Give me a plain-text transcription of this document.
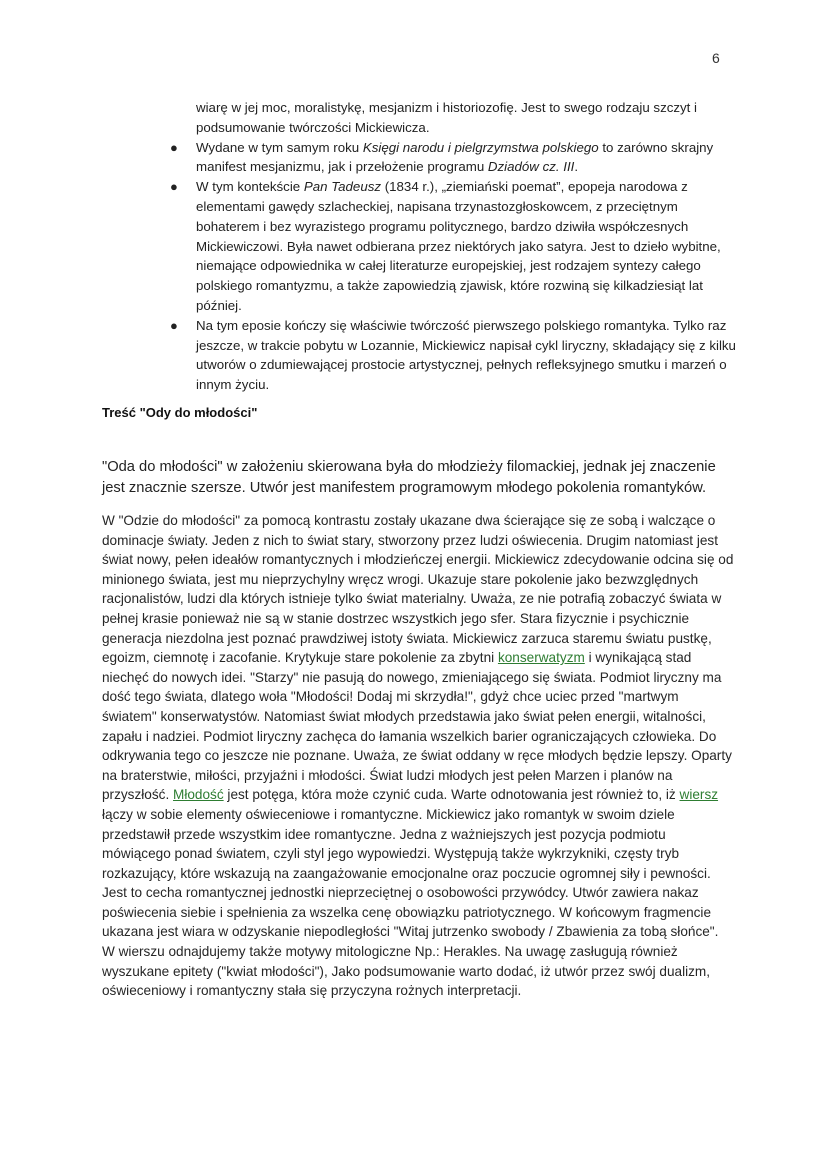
6
wiarę w jej moc, moralistykę, mesjanizm i historiozofię. Jest to swego rodzaju szczyt i podsumowanie twórczości Mickiewicza.
● Wydane w tym samym roku Księgi narodu i pielgrzymstwa polskiego to zarówno skrajny manifest mesjanizmu, jak i przełożenie programu Dziadów cz. III.
● W tym kontekście Pan Tadeusz (1834 r.), „ziemiański poemat”, epopeja narodowa z elementami gawędy szlacheckiej, napisana trzynastozgłoskowcem, z przeciętnym bohaterem i bez wyrazistego programu politycznego, bardzo dziwiła współczesnych Mickiewiczowi. Była nawet odbierana przez niektórych jako satyra. Jest to dzieło wybitne, niemające odpowiednika w całej literaturze europejskiej, jest rodzajem syntezy całego polskiego romantyzmu, a także zapowiedzią zjawisk, które rozwiną się kilkadziesiąt lat później.
● Na tym eposie kończy się właściwie twórczość pierwszego polskiego romantyka. Tylko raz jeszcze, w trakcie pobytu w Lozannie, Mickiewicz napisał cykl liryczny, składający się z kilku utworów o zdumiewającej prostocie artystycznej, pełnych refleksyjnego smutku i marzeń o innym życiu.
Treść "Ody do młodości"

"Oda do młodości" w założeniu skierowana była do młodzieży filomackiej, jednak jej znaczenie jest znacznie szersze. Utwór jest manifestem programowym młodego pokolenia romantyków.

W "Odzie do młodości" za pomocą kontrastu zostały ukazane dwa ścierające się ze sobą i walczące o dominacje światy. Jeden z nich to świat stary, stworzony przez ludzi oświecenia. Drugim natomiast jest świat nowy, pełen ideałów romantycznych i młodzieńczej energii. Mickiewicz zdecydowanie odcina się od minionego świata, jest mu nieprzychylny wręcz wrogi. Ukazuje stare pokolenie jako bezwzględnych racjonalistów, ludzi dla których istnieje tylko świat materialny. Uważa, ze nie potrafią zobaczyć świata w pełnej krasie ponieważ nie są w stanie dostrzec wszystkich jego sfer. Stara fizycznie i psychicznie generacja niezdolna jest poznać prawdziwej istoty świata. Mickiewicz zarzuca staremu światu pustkę, egoizm, ciemnotę i zacofanie. Krytykuje stare pokolenie za zbytni konserwatyzm i wynikającą stad niechęć do nowych idei. "Starzy" nie pasują do nowego, zmieniającego się świata. Podmiot liryczny ma dość tego świata, dlatego woła "Młodości! Dodaj mi skrzydła!", gdyż chce uciec przed "martwym światem" konserwatystów. Natomiast świat młodych przedstawia jako świat pełen energii, witalności, zapału i nadziei. Podmiot liryczny zachęca do łamania wszelkich barier ograniczających człowieka. Do odkrywania tego co jeszcze nie poznane. Uważa, ze świat oddany w ręce młodych będzie lepszy. Oparty na braterstwie, miłości, przyjaźni i młodości. Świat ludzi młodych jest pełen Marzen i planów na przyszłość. Młodość jest potęga, która może czynić cuda. Warte odnotowania jest również to, iż wiersz łączy w sobie elementy oświeceniowe i romantyczne. Mickiewicz jako romantyk w swoim dziele przedstawił przede wszystkim idee romantyczne. Jedna z ważniejszych jest pozycja podmiotu mówiącego ponad światem, czyli styl jego wypowiedzi. Występują także wykrzykniki, częsty tryb rozkazujący, które wskazują na zaangażowanie emocjonalne oraz poczucie ogromnej siły i pewności. Jest to cecha romantycznej jednostki nieprzeciętnej o osobowości przywódcy. Utwór zawiera nakaz poświecenia siebie i spełnienia za wszelka cenę obowiązku patriotycznego. W końcowym fragmencie ukazana jest wiara w odzyskanie niepodległości "Witaj jutrzenko swobody / Zbawienia za tobą słońce". W wierszu odnajdujemy także motywy mitologiczne Np.: Herakles. Na uwagę zasługują również wyszukane epitety ("kwiat młodości"), Jako podsumowanie warto dodać, iż utwór przez swój dualizm, oświeceniowy i romantyczny stała się przyczyna rożnych interpretacji.
